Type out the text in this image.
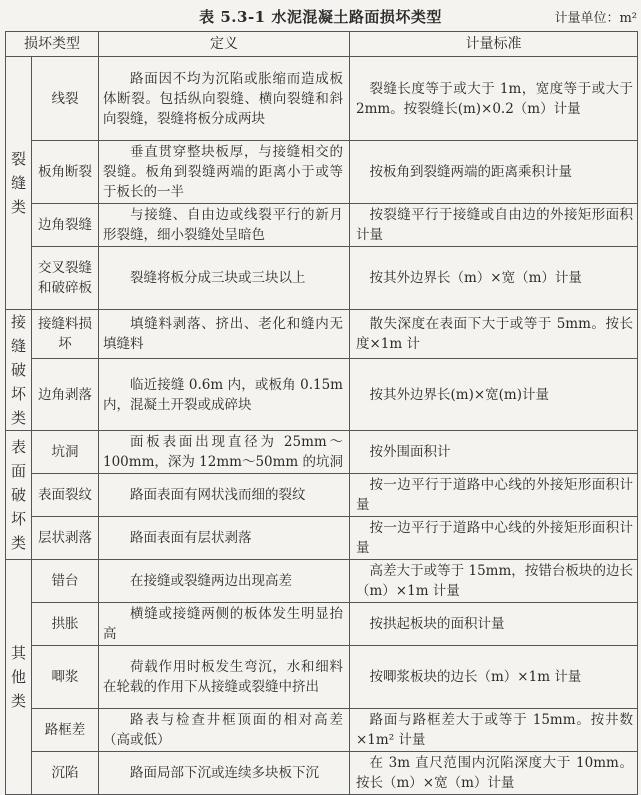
表 5.3-1 水泥混凝土路面损坏类型	计量单位：m²
损坏类型		定义	计量标准

裂
缝
类	线裂	路面因不均为沉陷或胀缩而造成板体断裂。包括纵向裂缝、横向裂缝和斜向裂缝，裂缝将板分成两块	裂缝长度等于或大于 1m，宽度等于或大于 2mm。按裂缝长(m)×0.2（m）计量
	板角断裂	垂直贯穿整块板厚，与接缝相交的裂缝。板角到裂缝两端的距离小于或等于板长的一半	按板角到裂缝两端的距离乘积计量
	边角裂缝	与接缝、自由边或线裂平行的新月形裂缝，细小裂缝处呈暗色	按裂缝平行于接缝或自由边的外接矩形面积计量
	交叉裂缝和破碎板	裂缝将板分成三块或三块以上	按其外边界长（m）×宽（m）计量

接
缝
破
坏
类	接缝料损坏	填缝料剥落、挤出、老化和缝内无填缝料	散失深度在表面下大于或等于 5mm。按长度×1m 计
	边角剥落	临近接缝 0.6m 内，或板角 0.15m 内，混凝土开裂或成碎块	按其外边界长(m)×宽(m)计量

表
面
破
坏
类	坑洞	面板表面出现直径为 25mm～100mm，深为 12mm～50mm 的坑洞	按外围面积计
	表面裂纹	路面表面有网状浅而细的裂纹	按一边平行于道路中心线的外接矩形面积计量
	层状剥落	路面表面有层状剥落	按一边平行于道路中心线的外接矩形面积计量

其
他
类	错台	在接缝或裂缝两边出现高差	高差大于或等于 15mm，按错台板块的边长（m）×1m 计量
	拱胀	横缝或接缝两侧的板体发生明显抬高	按拱起板块的面积计量
	唧浆	荷载作用时板发生弯沉，水和细料在轮载的作用下从接缝或裂缝中挤出	按唧浆板块的边长（m）×1m 计量
	路框差	路表与检查井框顶面的相对高差（高或低）	路面与路框差大于或等于 15mm。按井数×1m² 计量
	沉陷	路面局部下沉或连续多块板下沉	在 3m 直尺范围内沉陷深度大于 10mm。按长（m）×宽（m）计量
